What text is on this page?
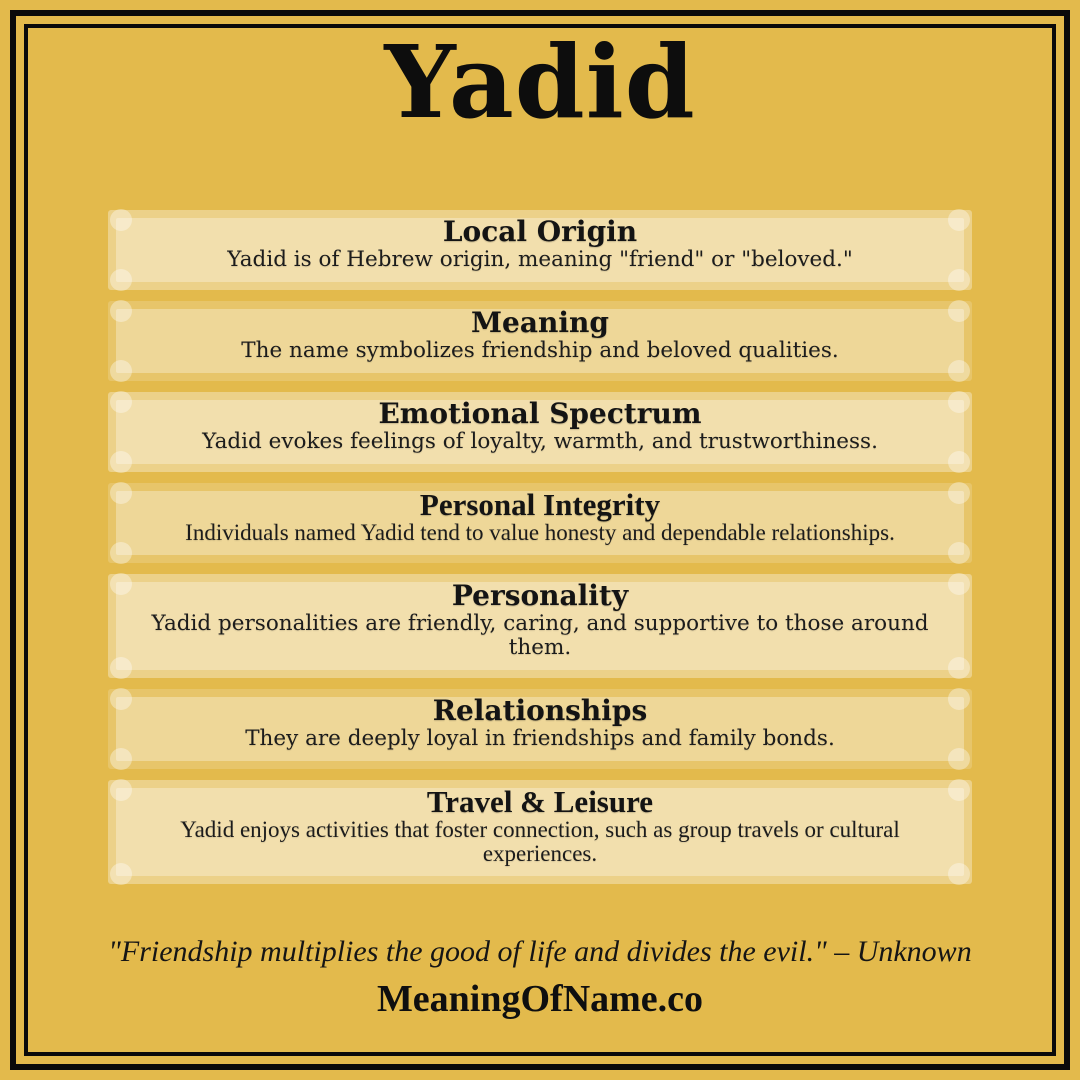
Yadid
Local Origin

Yadid is of Hebrew origin, meaning "friend" or "beloved."

Meaning

The name symbolizes friendship and beloved qualities.

Emotional Spectrum

Yadid evokes feelings of loyalty, warmth, and trustworthiness.

Personal Integrity

Individuals named Yadid tend to value honesty and dependable relationships.

Personality

Yadid personalities are friendly, caring, and supportive to those around them.

Relationships

They are deeply loyal in friendships and family bonds.

Travel & Leisure

Yadid enjoys activities that foster connection, such as group travels or cultural experiences.

"Friendship multiplies the good of life and divides the evil." – Unknown
MeaningOfName.co
